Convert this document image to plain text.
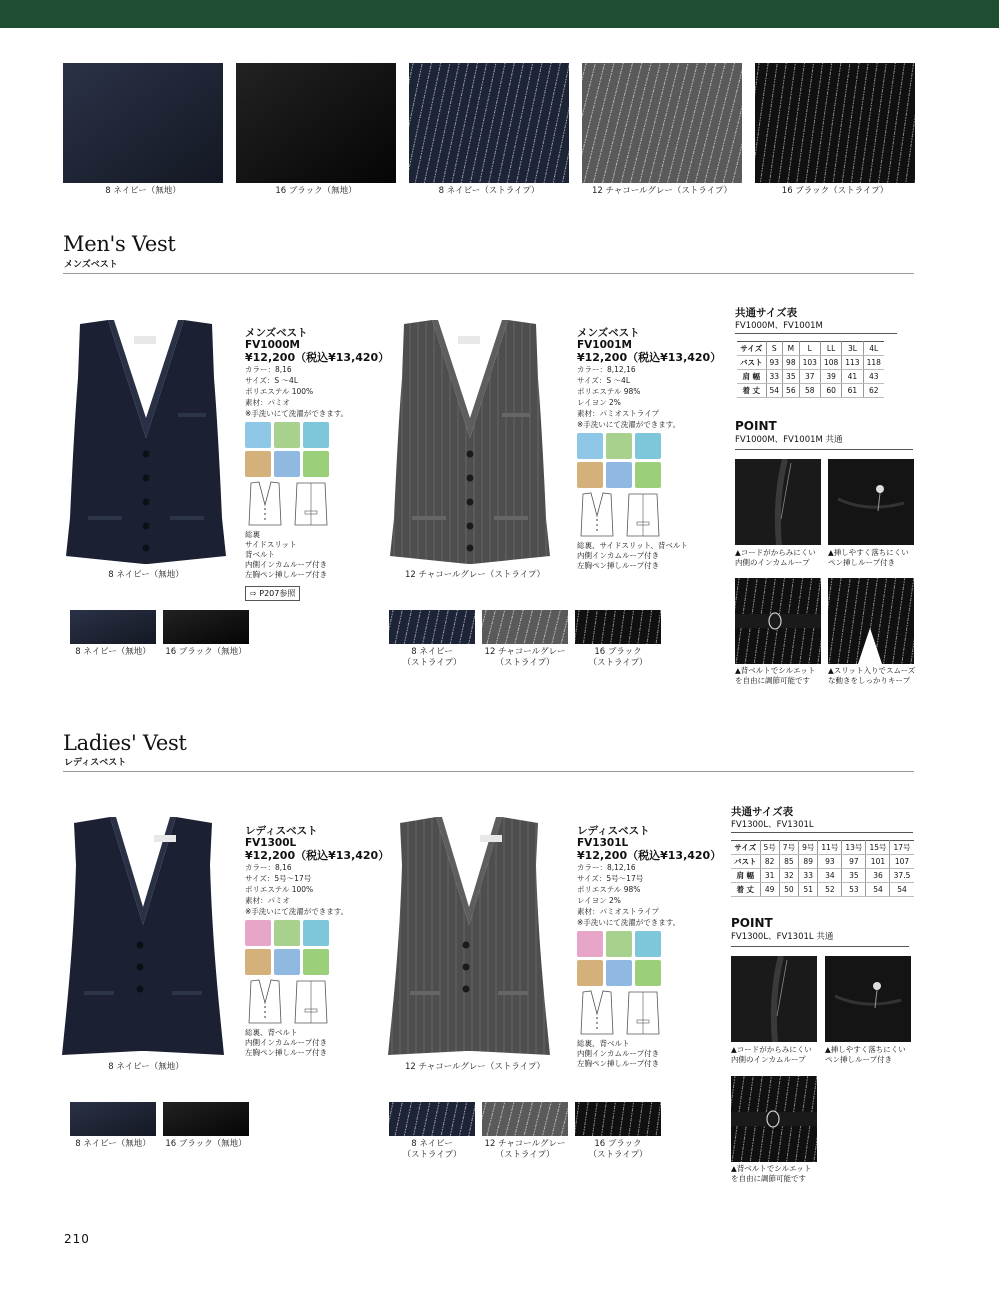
8 ネイビー（無地）	16 ブラック（無地）	8 ネイビー（ストライプ）	12 チャコールグレー（ストライプ）	16 ブラック（ストライプ）
Men's Vest
メンズベスト
8 ネイビー（無地）
メンズベスト
FV1000M
¥12,200（税込¥13,420）
カラー：8,16
サイズ：S ～4L
ポリエステル 100%
素材：パミオ
※手洗いにて洗濯ができます。
総裏
サイドスリット
背ベルト
内側インカムループ付き
左胸ペン挿しループ付き
⇨ P207参照
12 チャコールグレー（ストライプ）
メンズベスト
FV1001M
¥12,200（税込¥13,420）
カラー：8,12,16
サイズ：S ～4L
ポリエステル 98%
レイヨン 2%
素材：パミオストライプ
※手洗いにて洗濯ができます。
総裏、サイドスリット、背ベルト
内側インカムループ付き
左胸ペン挿しループ付き
8 ネイビー（無地）	16 ブラック（無地）	8 ネイビー
（ストライプ）
12 チャコールグレー
（ストライプ）
16 ブラック
（ストライプ）
共通サイズ表
FV1000M、FV1001M
サイズ	S	M	L	LL	3L	4L
バスト	93	98	103	108	113	118
肩 幅	33	35	37	39	41	43
着 丈	54	56	58	60	61	62
POINT
FV1000M、FV1001M 共通
▲コードがからみにくい
内側のインカムループ
▲挿しやすく落ちにくい
ペン挿しループ付き
▲背ベルトでシルエット
を自由に調節可能です
▲スリット入りでスムーズ
な動きをしっかりキープ
Ladies' Vest
レディスベスト
8 ネイビー（無地）
レディスベスト
FV1300L
¥12,200（税込¥13,420）
カラー：8,16
サイズ：5号～17号
ポリエステル 100%
素材：パミオ
※手洗いにて洗濯ができます。
総裏、背ベルト
内側インカムループ付き
左胸ペン挿しループ付き
12 チャコールグレー（ストライプ）
レディスベスト
FV1301L
¥12,200（税込¥13,420）
カラー：8,12,16
サイズ：5号～17号
ポリエステル 98%
レイヨン 2%
素材：パミオストライプ
※手洗いにて洗濯ができます。
総裏、背ベルト
内側インカムループ付き
左胸ペン挿しループ付き
8 ネイビー（無地）	16 ブラック（無地）	8 ネイビー
（ストライプ）
12 チャコールグレー
（ストライプ）
16 ブラック
（ストライプ）
共通サイズ表
FV1300L、FV1301L
サイズ	5号	7号	9号	11号	13号	15号	17号
バスト	82	85	89	93	97	101	107
肩 幅	31	32	33	34	35	36	37.5
着 丈	49	50	51	52	53	54	54
POINT
FV1300L、FV1301L 共通
▲コードがからみにくい
内側のインカムループ
▲挿しやすく落ちにくい
ペン挿しループ付き
▲背ベルトでシルエット
を自由に調節可能です
210
